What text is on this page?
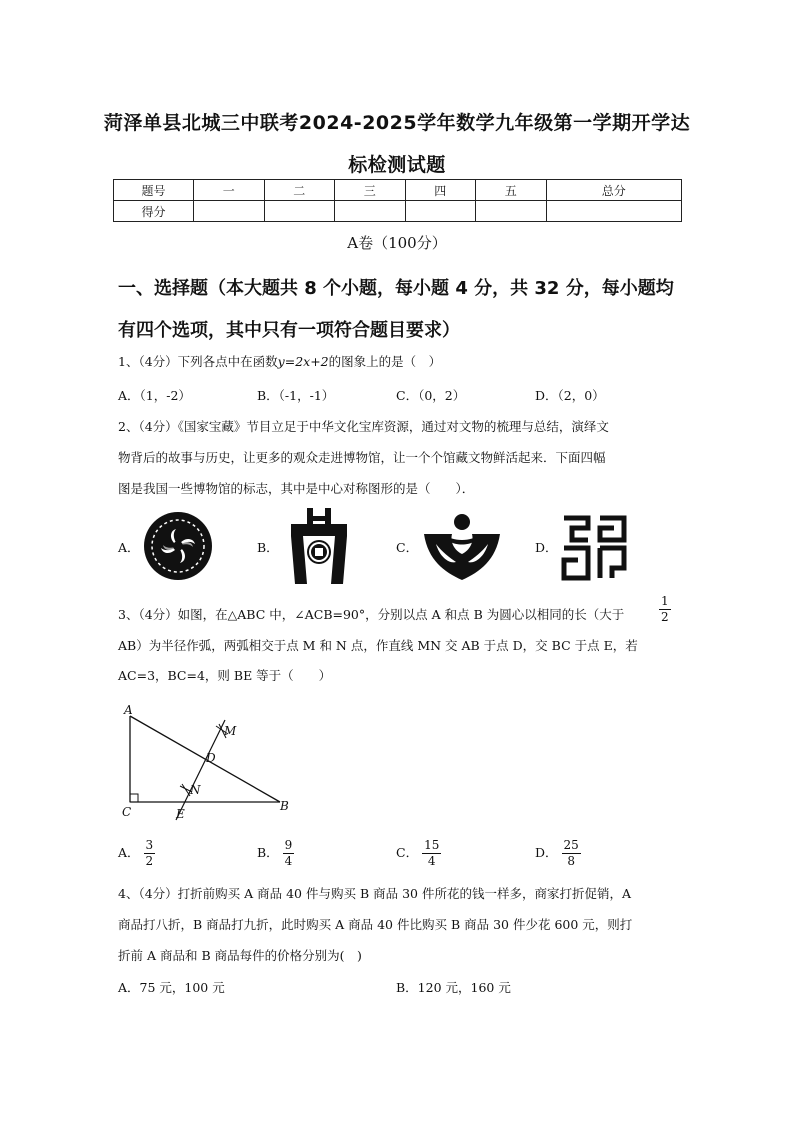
菏泽单县北城三中联考2024-2025学年数学九年级第一学期开学达
标检测试题
题号	一	二	三	四	五	总分
得分						
A卷（100分）
一、选择题（本大题共 8 个小题，每小题 4 分，共 32 分，每小题均
有四个选项，其中只有一项符合题目要求）
1、（4分）下列各点中在函数y=2x+2的图象上的是（　）
A．（1，-2）	B．（-1，-1）	C．（0，2）	D．（2，0）
2、（4分）《国家宝藏》节目立足于中华文化宝库资源，通过对文物的梳理与总结，演绎文
物背后的故事与历史，让更多的观众走进博物馆，让一个个馆藏文物鲜活起来．下面四幅
图是我国一些博物馆的标志，其中是中心对称图形的是（　　）．
A．	B．	C．	D．
3、（4分）如图，在△ABC 中，∠ACB=90°，分别以点 A 和点 B 为圆心以相同的长（大于	$\frac{1}{2}$
AB）为半径作弧，两弧相交于点 M 和 N 点，作直线 MN 交 AB 于点 D，交 BC 于点 E，若
AC=3，BC=4，则 BE 等于（　　）
A
M
D
N
C	E
B
A． $\frac{3}{2}$	B． $\frac{9}{4}$	C． $\frac{15}{4}$	D． $\frac{25}{8}$
4、（4分）打折前购买 A 商品 40 件与购买 B 商品 30 件所花的钱一样多，商家打折促销，A
商品打八折，B 商品打九折，此时购买 A 商品 40 件比购买 B 商品 30 件少花 600 元，则打
折前 A 商品和 B 商品每件的价格分别为(　)
A．75 元，100 元	B．120 元，160 元
